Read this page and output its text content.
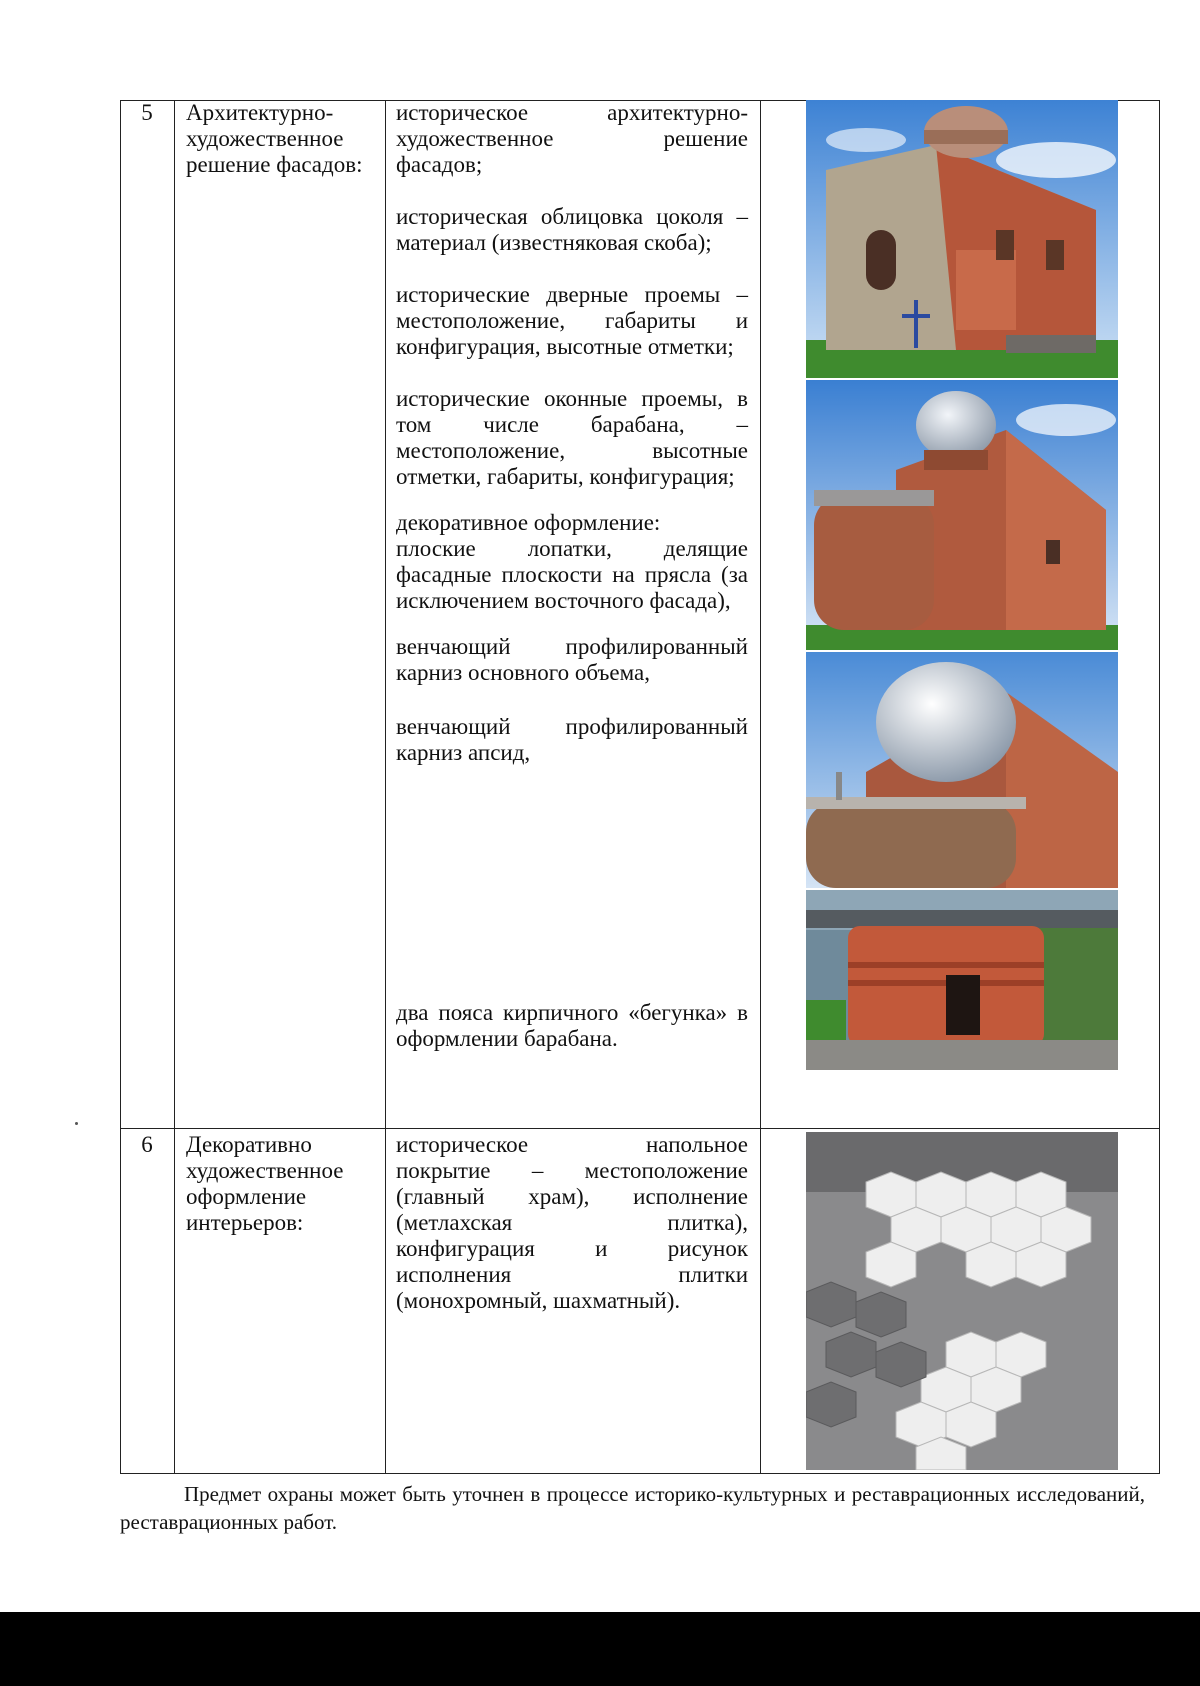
5	Архитектурно-
художественное
решение фасадов:
историческое архитектурно-
художественное решение
фасадов;
историческая облицовка цоколя –
материал (известняковая скоба);
исторические дверные проемы –
местоположение, габариты и
конфигурация, высотные отметки;
исторические оконные проемы, в
том числе барабана, –
местоположение, высотные
отметки, габариты, конфигурация;
декоративное оформление:
плоские лопатки, делящие
фасадные плоскости на прясла (за
исключением восточного фасада),
венчающий профилированный
карниз основного объема,
венчающий профилированный
карниз апсид,
два пояса кирпичного «бегунка» в
оформлении барабана.
6	Декоративно
художественное
оформление
интерьеров:
историческое напольное
покрытие – местоположение
(главный храм), исполнение
(метлахская плитка),
конфигурация и рисунок
исполнения плитки
(монохромный, шахматный).
Предмет охраны может быть уточнен в процессе историко-культурных и реставрационных исследований, реставрационных работ.
